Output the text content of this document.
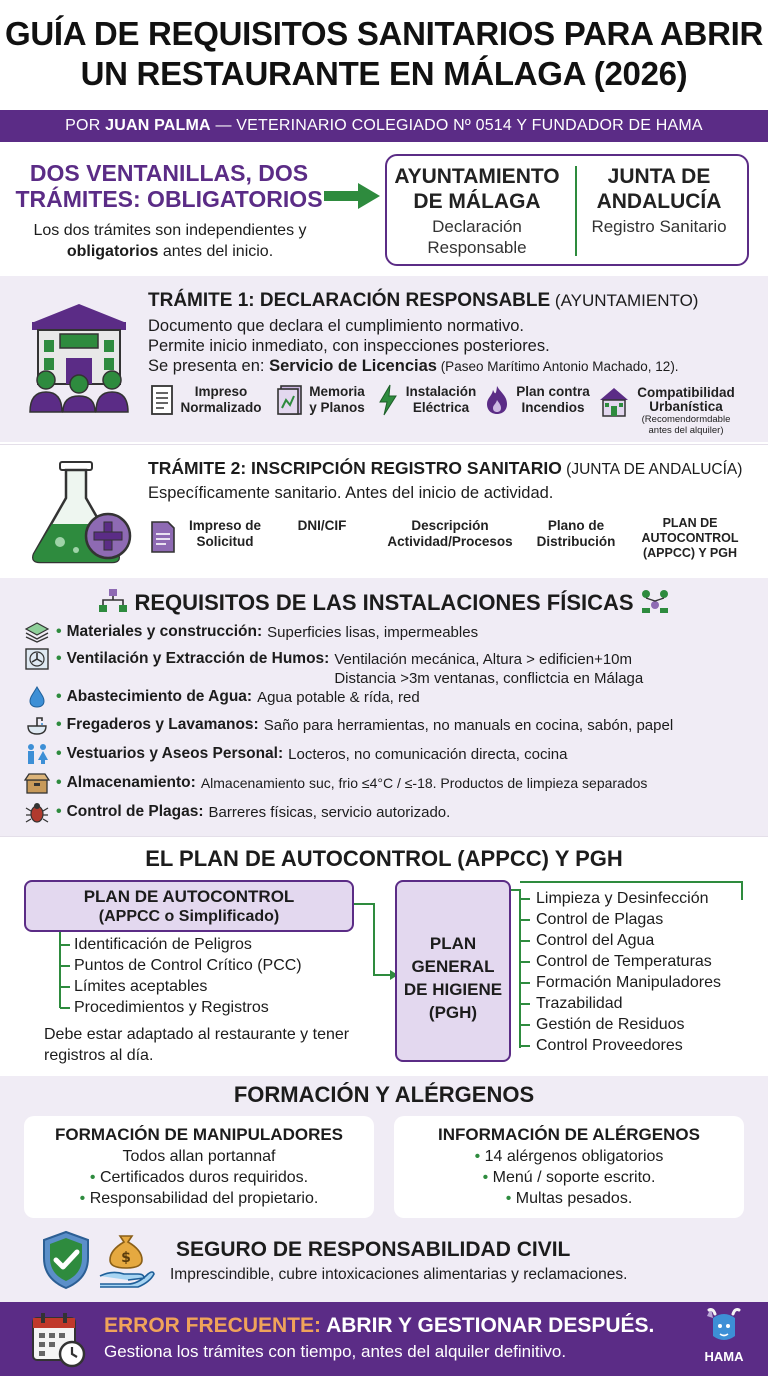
GUÍA DE REQUISITOS SANITARIOS PARA ABRIR UN RESTAURANTE EN MÁLAGA (2026)
POR JUAN PALMA — VETERINARIO COLEGIADO Nº 0514 Y FUNDADOR DE HAMA
DOS VENTANILLAS, DOS TRÁMITES: OBLIGATORIOS
Los dos trámites son independientes y obligatorios antes del inicio.
AYUNTAMIENTO DE MÁLAGA
Declaración Responsable
JUNTA DE ANDALUCÍA
Registro Sanitario
TRÁMITE 1: DECLARACIÓN RESPONSABLE (AYUNTAMIENTO)
Documento que declara el cumplimiento normativo.
Permite inicio inmediato, con inspecciones posteriores.
Se presenta en: Servicio de Licencias (Paseo Marítimo Antonio Machado, 12).
Impreso Normalizado
Memoria y Planos
Instalación Eléctrica
Plan contra Incendios
Compatibilidad Urbanística
(Recomendormdable antes del alquiler)
TRÁMITE 2: INSCRIPCIÓN REGISTRO SANITARIO (JUNTA DE ANDALUCÍA)
Específicamente sanitario. Antes del inicio de actividad.
Impreso de Solicitud
DNI/CIF	Descripción Actividad/Procesos
Plano de Distribución
PLAN DE AUTOCONTROL (APPCC) Y PGH
REQUISITOS DE LAS INSTALACIONES FÍSICAS
• Materiales y construcción: Superficies lisas, impermeables
• Ventilación y Extracción de Humos: Ventilación mecánica, Altura > edificien+10m
Distancia >3m ventanas, conflictcia en Málaga
• Abastecimiento de Agua: Agua potable & rída, red
• Fregaderos y Lavamanos: Saño para herramientas, no manuals en cocina, sabón, papel
• Vestuarios y Aseos Personal: Locteros, no comunicación directa, cocina
• Almacenamiento: Almacenamiento suc, frio ≤4°C / ≤-18. Productos de limpieza separados
• Control de Plagas: Barreres físicas, servicio autorizado.
EL PLAN DE AUTOCONTROL (APPCC) Y PGH
PLAN DE AUTOCONTROL
(APPCC o Simplificado)
Identificación de Peligros
Puntos de Control Crítico (PCC)
Límites aceptables
Procedimientos y Registros
Debe estar adaptado al restaurante y tener registros al día.
PLAN
GENERAL
DE HIGIENE
(PGH)
Limpieza y Desinfección
Control de Plagas
Control del Agua
Control de Temperaturas
Formación Manipuladores
Trazabilidad
Gestión de Residuos
Control Proveedores
FORMACIÓN Y ALÉRGENOS
FORMACIÓN DE MANIPULADORES
Todos allan portannaf
• Certificados duros requiridos.
• Responsabilidad del propietario.
INFORMACIÓN DE ALÉRGENOS
• 14 alérgenos obligatorios
• Menú / soporte escrito.
• Multas pesados.
$ SEGURO DE RESPONSABILIDAD CIVIL
Imprescindible, cubre intoxicaciones alimentarias y reclamaciones.
ERROR FRECUENTE: ABRIR Y GESTIONAR DESPUÉS.
Gestiona los trámites con tiempo, antes del alquiler definitivo.	HAMA
